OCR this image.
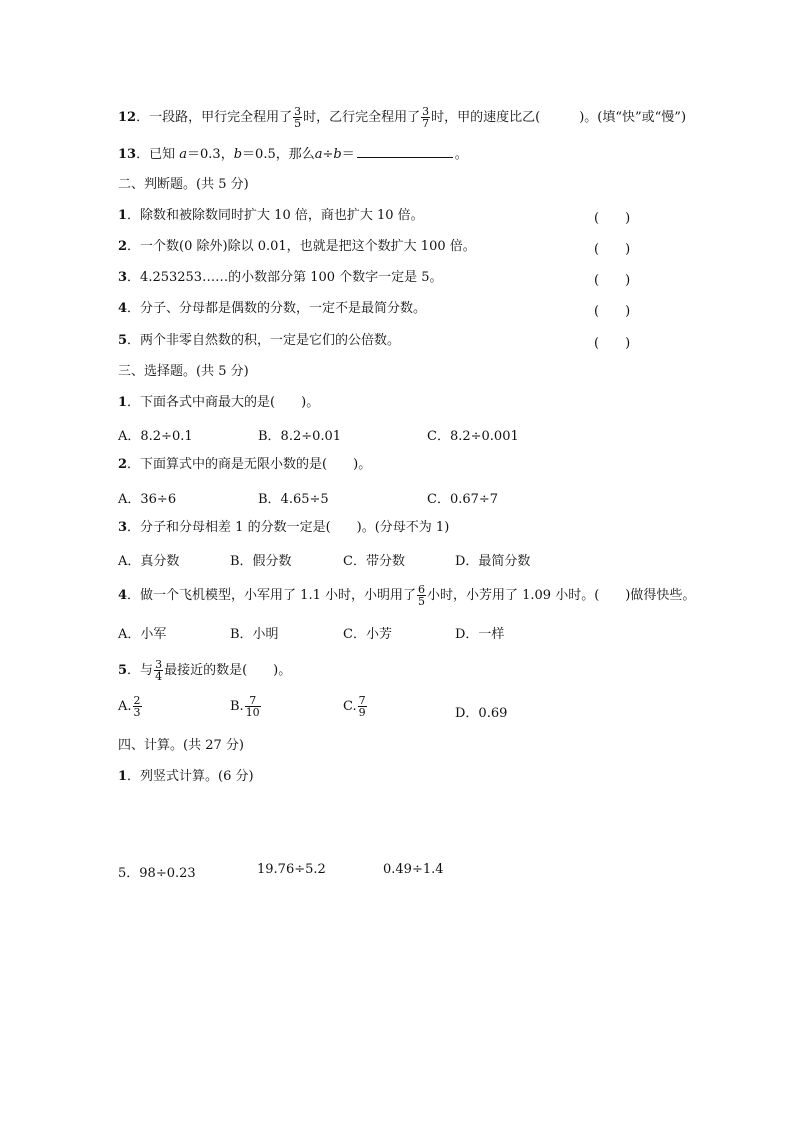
12．一段路，甲行完全程用了 $\frac{3}{5}$ 时，乙行完全程用了 $\frac{3}{7}$ 时，甲的速度比乙(　　　)。(填“快”或“慢”)
13．已知 a＝0.3，b＝0.5，那么a÷b＝	。
二、判断题。(共 5 分)
1．除数和被除数同时扩大 10 倍，商也扩大 10 倍。	(　　)
2．一个数(0 除外)除以 0.01，也就是把这个数扩大 100 倍。	(　　)
3．4.253253……的小数部分第 100 个数字一定是 5。	(　　)
4．分子、分母都是偶数的分数，一定不是最简分数。	(　　)
5．两个非零自然数的积，一定是它们的公倍数。	(　　)
三、选择题。(共 5 分)
1．下面各式中商最大的是(　　)。
A．8.2÷0.1	B．8.2÷0.01	C．8.2÷0.001
2．下面算式中的商是无限小数的是(　　)。
A．36÷6	B．4.65÷5	C．0.67÷7
3．分子和分母相差 1 的分数一定是(　　)。(分母不为 1)
A．真分数	B．假分数	C．带分数	D．最简分数
4．做一个飞机模型，小军用了 1.1 小时，小明用了 $\frac{6}{5}$ 小时，小芳用了 1.09 小时。(　　)做得快些。
A．小军	B．小明	C．小芳	D．一样
5．与 $\frac{3}{4}$ 最接近的数是(　　)。
A. $\frac{2}{3}$	B. $\frac{7}{10}$	C. $\frac{7}{9}$	D．0.69
四、计算。(共 27 分)
1．列竖式计算。(6 分)
5．98÷0.23	19.76÷5.2	0.49÷1.4
